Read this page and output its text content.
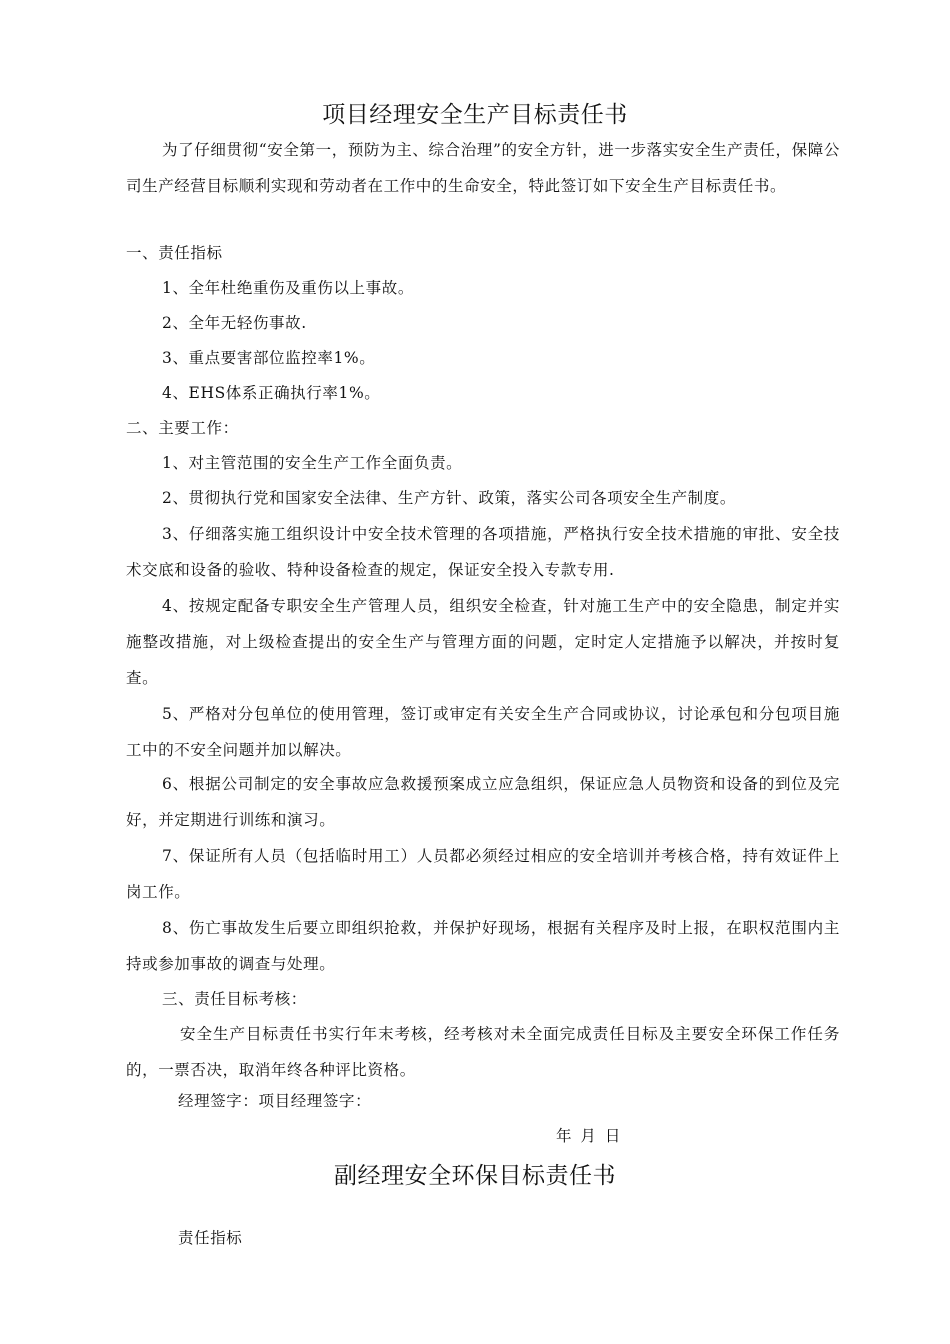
项目经理安全生产目标责任书

为了仔细贯彻“安全第一，预防为主、综合治理”的安全方针，进一步落实安全生产责任，保障公司生产经营目标顺利实现和劳动者在工作中的生命安全，特此签订如下安全生产目标责任书。

一、责任指标
1、全年杜绝重伤及重伤以上事故。
2、全年无轻伤事故.
3、重点要害部位监控率1%。
4、EHS体系正确执行率1%。
二、主要工作：
1、对主管范围的安全生产工作全面负责。
2、贯彻执行党和国家安全法律、生产方针、政策，落实公司各项安全生产制度。

3、仔细落实施工组织设计中安全技术管理的各项措施，严格执行安全技术措施的审批、安全技术交底和设备的验收、特种设备检查的规定，保证安全投入专款专用.

4、按规定配备专职安全生产管理人员，组织安全检查，针对施工生产中的安全隐患，制定并实施整改措施，对上级检查提出的安全生产与管理方面的问题，定时定人定措施予以解决，并按时复查。

5、严格对分包单位的使用管理，签订或审定有关安全生产合同或协议，讨论承包和分包项目施工中的不安全问题并加以解决。

6、根据公司制定的安全事故应急救援预案成立应急组织，保证应急人员物资和设备的到位及完好，并定期进行训练和演习。

7、保证所有人员（包括临时用工）人员都必须经过相应的安全培训并考核合格，持有效证件上岗工作。

8、伤亡事故发生后要立即组织抢救，并保护好现场，根据有关程序及时上报，在职权范围内主持或参加事故的调查与处理。

三、责任目标考核：

安全生产目标责任书实行年末考核，经考核对未全面完成责任目标及主要安全环保工作任务的，一票否决，取消年终各种评比资格。

经理签字：项目经理签字：
年 月 日
副经理安全环保目标责任书
责任指标
